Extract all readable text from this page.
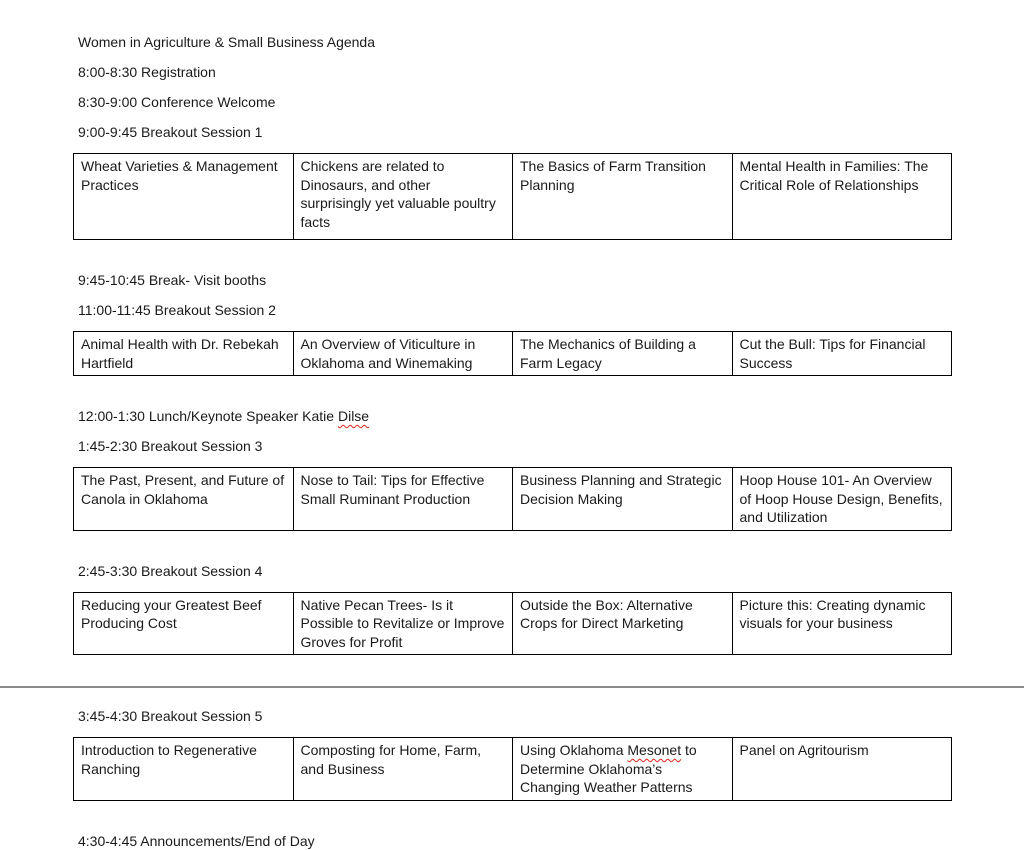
Women in Agriculture & Small Business Agenda

8:00-8:30 Registration

8:30-9:00 Conference Welcome

9:00-9:45 Breakout Session 1

Wheat Varieties & Management Practices	Chickens are related to Dinosaurs, and other surprisingly yet valuable poultry facts	The Basics of Farm Transition Planning	Mental Health in Families: The Critical Role of Relationships

9:45-10:45 Break- Visit booths

11:00-11:45 Breakout Session 2

Animal Health with Dr. Rebekah Hartfield	An Overview of Viticulture in Oklahoma and Winemaking	The Mechanics of Building a Farm Legacy	Cut the Bull: Tips for Financial Success

12:00-1:30 Lunch/Keynote Speaker Katie Dilse

1:45-2:30 Breakout Session 3

The Past, Present, and Future of Canola in Oklahoma	Nose to Tail: Tips for Effective Small Ruminant Production	Business Planning and Strategic Decision Making	Hoop House 101- An Overview of Hoop House Design, Benefits, and Utilization

2:45-3:30 Breakout Session 4

Reducing your Greatest Beef Producing Cost	Native Pecan Trees- Is it Possible to Revitalize or Improve Groves for Profit	Outside the Box: Alternative Crops for Direct Marketing	Picture this: Creating dynamic visuals for your business

3:45-4:30 Breakout Session 5

Introduction to Regenerative Ranching	Composting for Home, Farm, and Business	Using Oklahoma Mesonet to Determine Oklahoma’s Changing Weather Patterns	Panel on Agritourism

4:30-4:45 Announcements/End of Day
